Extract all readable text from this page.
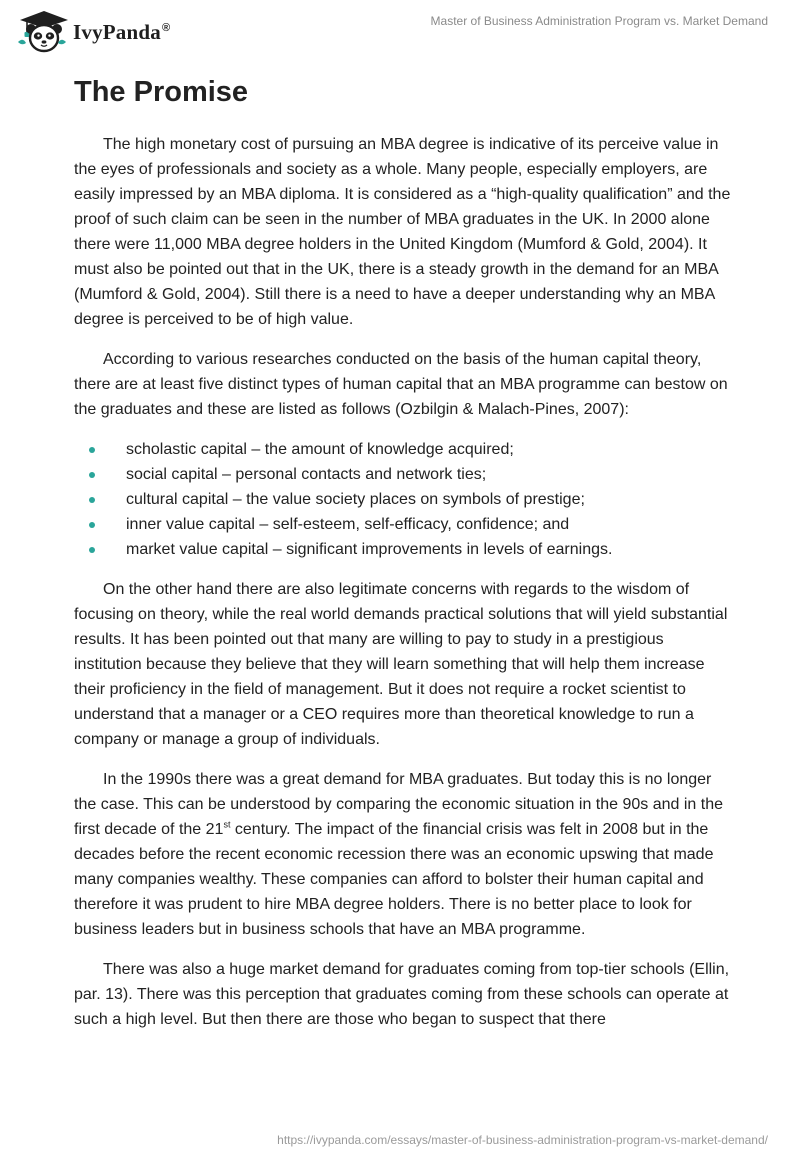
IvyPanda®	Master of Business Administration Program vs. Market Demand
The Promise

The high monetary cost of pursuing an MBA degree is indicative of its perceive value in the eyes of professionals and society as a whole. Many people, especially employers, are easily impressed by an MBA diploma. It is considered as a “high-quality qualification” and the proof of such claim can be seen in the number of MBA graduates in the UK. In 2000 alone there were 11,000 MBA degree holders in the United Kingdom (Mumford & Gold, 2004). It must also be pointed out that in the UK, there is a steady growth in the demand for an MBA (Mumford & Gold, 2004). Still there is a need to have a deeper understanding why an MBA degree is perceived to be of high value.

According to various researches conducted on the basis of the human capital theory, there are at least five distinct types of human capital that an MBA programme can bestow on the graduates and these are listed as follows (Ozbilgin & Malach-Pines, 2007):

scholastic capital – the amount of knowledge acquired;
social capital – personal contacts and network ties;
cultural capital – the value society places on symbols of prestige;
inner value capital – self-esteem, self-efficacy, confidence; and
market value capital – significant improvements in levels of earnings.

On the other hand there are also legitimate concerns with regards to the wisdom of focusing on theory, while the real world demands practical solutions that will yield substantial results. It has been pointed out that many are willing to pay to study in a prestigious institution because they believe that they will learn something that will help them increase their proficiency in the field of management. But it does not require a rocket scientist to understand that a manager or a CEO requires more than theoretical knowledge to run a company or manage a group of individuals.

In the 1990s there was a great demand for MBA graduates. But today this is no longer the case. This can be understood by comparing the economic situation in the 90s and in the first decade of the 21st century. The impact of the financial crisis was felt in 2008 but in the decades before the recent economic recession there was an economic upswing that made many companies wealthy. These companies can afford to bolster their human capital and therefore it was prudent to hire MBA degree holders. There is no better place to look for business leaders but in business schools that have an MBA programme.

There was also a huge market demand for graduates coming from top-tier schools (Ellin, par. 13). There was this perception that graduates coming from these schools can operate at such a high level. But then there are those who began to suspect that there

https://ivypanda.com/essays/master-of-business-administration-program-vs-market-demand/
